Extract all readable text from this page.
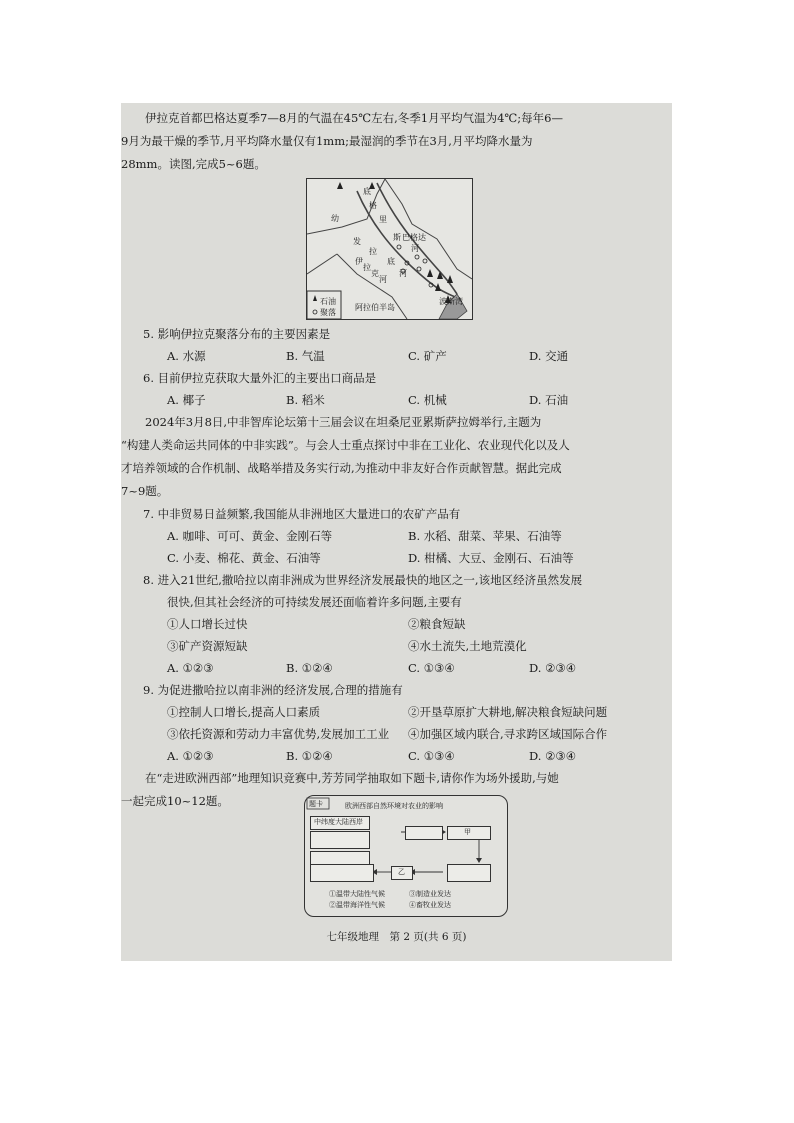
伊拉克首都巴格达夏季7—8月的气温在45℃左右,冬季1月平均气温为4℃;每年6—
9月为最干燥的季节,月平均降水量仅有1mm;最湿润的季节在3月,月平均降水量为
28mm。读图,完成5~6题。
幼
发
拉
底
底
格
里
斯 巴格达
河
河
伊
拉
克
河
波斯湾
阿拉伯半岛
石油
聚落
5. 影响伊拉克聚落分布的主要因素是
A. 水源	B. 气温	C. 矿产	D. 交通
6. 目前伊拉克获取大量外汇的主要出口商品是
A. 椰子	B. 稻米	C. 机械	D. 石油
2024年3月8日,中非智库论坛第十三届会议在坦桑尼亚累斯萨拉姆举行,主题为
“构建人类命运共同体的中非实践”。与会人士重点探讨中非在工业化、农业现代化以及人
才培养领域的合作机制、战略举措及务实行动,为推动中非友好合作贡献智慧。据此完成
7~9题。
7. 中非贸易日益频繁,我国能从非洲地区大量进口的农矿产品有
A. 咖啡、可可、黄金、金刚石等	B. 水稻、甜菜、苹果、石油等
C. 小麦、棉花、黄金、石油等	D. 柑橘、大豆、金刚石、石油等
8. 进入21世纪,撒哈拉以南非洲成为世界经济发展最快的地区之一,该地区经济虽然发展
很快,但其社会经济的可持续发展还面临着许多问题,主要有
①人口增长过快	②粮食短缺
③矿产资源短缺	④水土流失,土地荒漠化
A. ①②③	B. ①②④	C. ①③④	D. ②③④
9. 为促进撒哈拉以南非洲的经济发展,合理的措施有
①控制人口增长,提高人口素质	②开垦草原扩大耕地,解决粮食短缺问题
③依托资源和劳动力丰富优势,发展加工工业 ④加强区域内联合,寻求跨区域国际合作
A. ①②③	B. ①②④	C. ①③④	D. ②③④
在“走进欧洲西部”地理知识竞赛中,芳芳同学抽取如下题卡,请你作为场外援助,与她
一起完成10~12题。	题卡	欧洲西部自然环境对农业的影响
中纬度大陆西岸
甲
乙
①温带大陆性气候
②温带海洋性气候
③制造业发达
④畜牧业发达
七年级地理　第 2 页(共 6 页)
